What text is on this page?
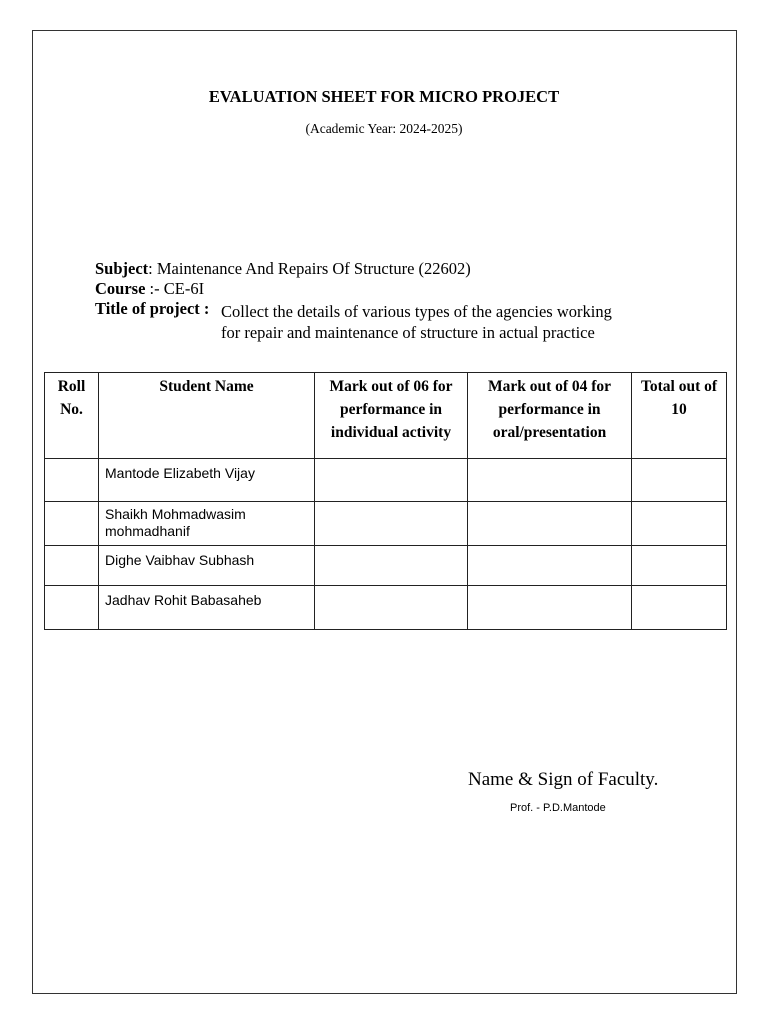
EVALUATION SHEET FOR MICRO PROJECT
(Academic Year: 2024-2025)
Subject: Maintenance And Repairs Of Structure (22602)
Course :- CE-6I
Title of project : Collect the details of various types of the agencies working
for repair and maintenance of structure in actual practice
Roll No.	Student Name	Mark out of 06 for performance in individual activity	Mark out of 04 for performance in oral/presentation	Total out of 10
	Mantode Elizabeth Vijay			
	Shaikh Mohmadwasim mohmadhanif			
	Dighe Vaibhav Subhash			
	Jadhav Rohit Babasaheb			
Name & Sign of Faculty.
Prof. - P.D.Mantode
